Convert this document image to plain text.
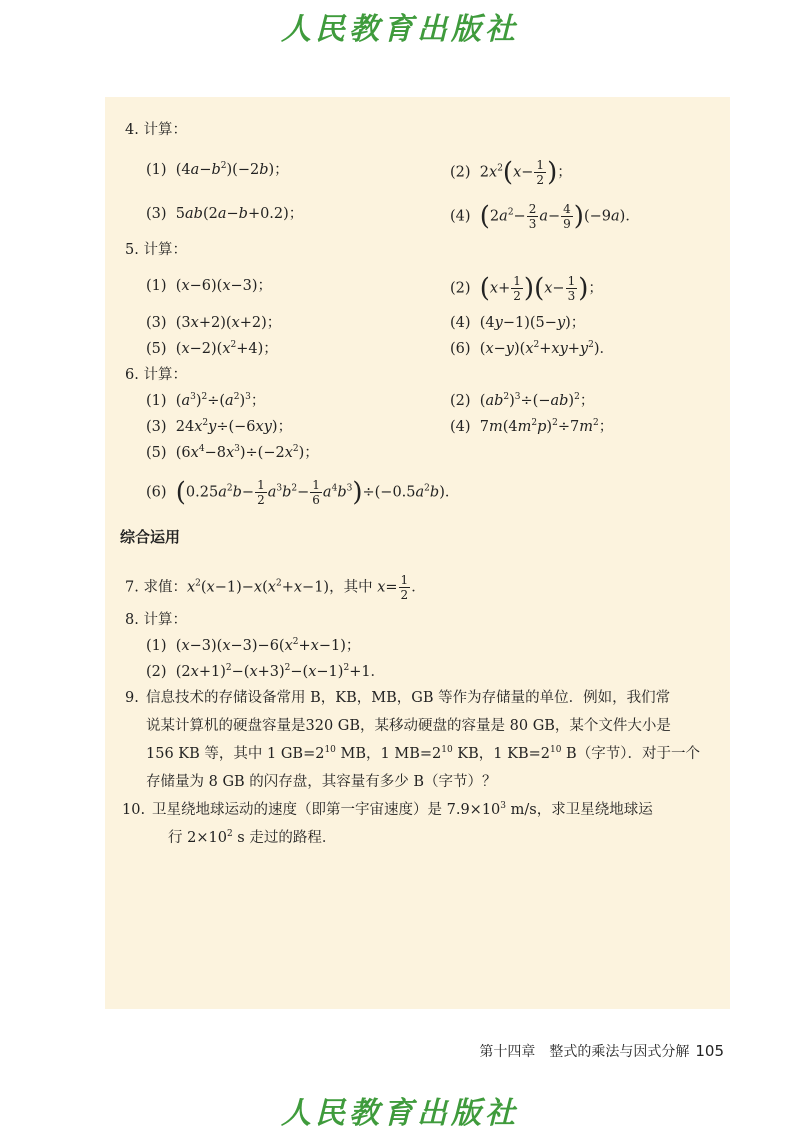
人民教育出版社
4. 计算：
(1)  $(4a-b^2)(-2b)$；	(2)  $2x^2(x- \frac{1}{2}$ )；
(3)  5ab(2a−b+0.2)；	(4) $(2a^2- \frac{2}{3} a- \frac{4}{9} )(-9a)$．
5. 计算：
(1)  (x−6)(x−3)；	(2) $(x+ \frac{1}{2} )(x- \frac{1}{3}$ )；
(3)  (3x+2)(x+2)；	(4)  (4y−1)(5−y)；
(5)  $(x-2)(x^2+4)$；	(6)  $(x-y)(x^2+xy+y^2)$．
6. 计算：
(1)  $(a^3)^2\div(a^2)^3$；	(2)  $(ab^2)^3\div(-ab)^2$；
(3)  $24x^2y\div(-6xy)$；	(4)  $7m(4m^2p)^2\div 7m^2$；
(5)  $(6x^4-8x^3)\div(-2x^2)$；
(6) $(0.25a^2b- \frac{1}{2} a^3b^2- \frac{1}{6} a^4b^3)\div(-0.5a^2b)$．
综合运用
7. 求值：$x^2(x-1)-x(x^2+x-1)$，其中 $x= \frac{1}{2}$ ．
8. 计算：
(1)  $(x-3)(x-3)-6(x^2+x-1)$；
(2)  $(2x+1)^2-(x+3)^2-(x-1)^2+1$．
9. 信息技术的存储设备常用 B，KB，MB，GB 等作为存储量的单位．例如，我们常
说某计算机的硬盘容量是320 GB，某移动硬盘的容量是 80 GB，某个文件大小是
156 KB 等，其中 1 $GB=2^{10}$ MB，1 $MB=2^{10}$ KB，1 $KB=2^{10}$ B（字节）．对于一个
存储量为 8 GB 的闪存盘，其容量有多少 B（字节）？
10. 卫星绕地球运动的速度（即第一宇宙速度）是 $7.9\times 10^3$ m/s，求卫星绕地球运
行 $2\times 10^2$ s 走过的路程．
第十四章 整式的乘法与因式分解 105
人民教育出版社
